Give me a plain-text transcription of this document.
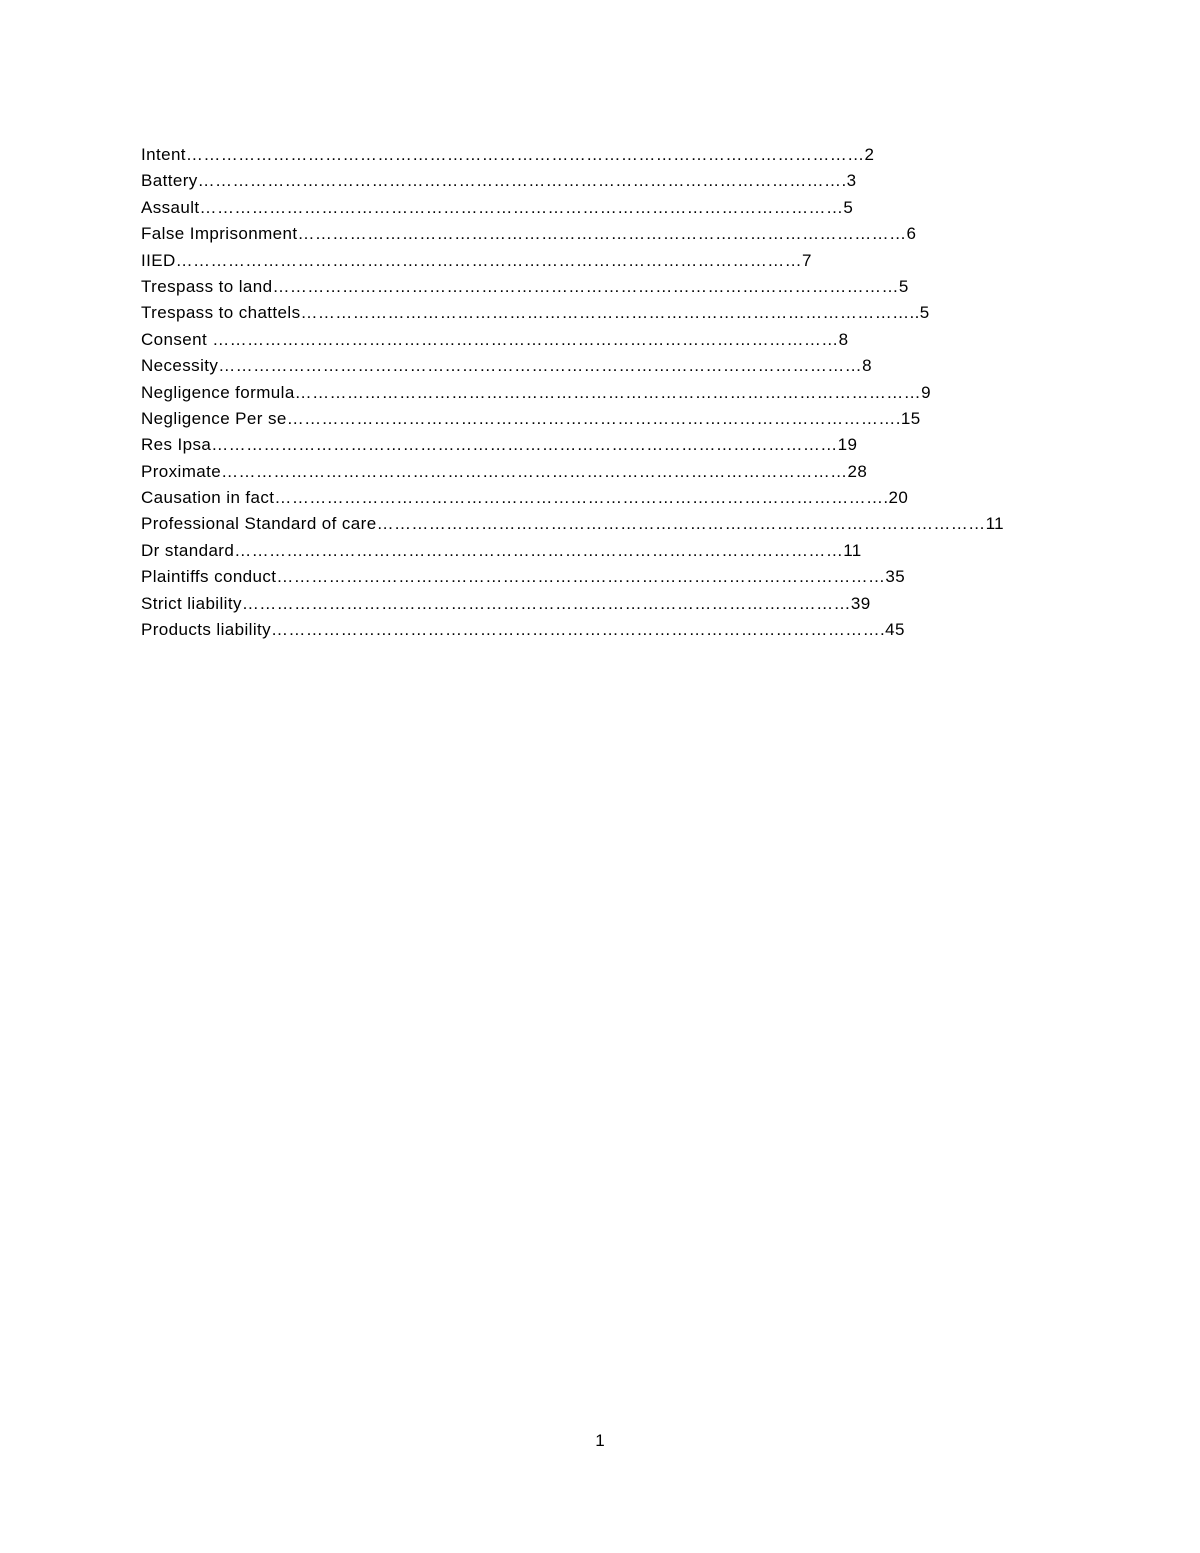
Intent………………………………………………………………………………………………………2
Battery………………………………………………………………………………………………….3
Assault…………………………………………………………………………………………………5
False Imprisonment……………………………………………………………………………………………6
IIED………………………………………………………………………………………………7
Trespass to land………………………………………………………………………………………………5
Trespass to chattels……………………………………………………………………………………………..5
Consent ………………………………………………………………………………………………8
Necessity…………………………………………………………………………………………………8
Negligence formula………………………………………………………………………………………………9
Negligence Per se…………………………………………………………………………………………….15
Res Ipsa………………………………………………………………………………………………19
Proximate………………………………………………………………………………………………28
Causation in fact…………………………………………………………………………………………….20
Professional Standard of care……………………………………………………………………………………………11
Dr standard……………………………………………………………………………………………11
Plaintiffs conduct……………………………………………………………………………………………35
Strict liability……………………………………………………………………………………………39
Products liability…………………………………………………………………………………………….45
1
